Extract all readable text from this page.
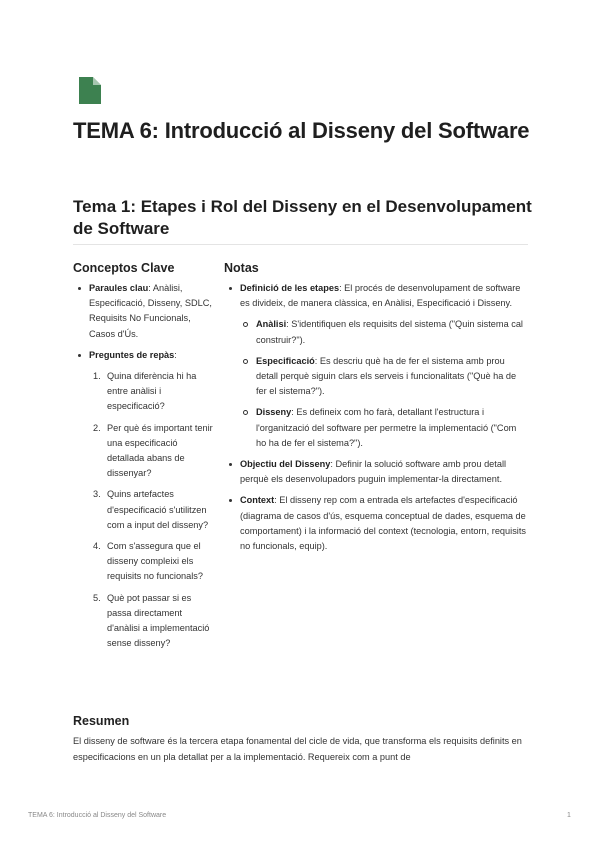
TEMA 6: Introducció al Disseny del Software
Tema 1: Etapes i Rol del Disseny en el Desenvolupament de Software
Conceptos Clave	Notas
Paraules clau: Anàlisi, Especificació, Disseny, SDLC, Requisits No Funcionals, Casos d'Ús.
Preguntes de repàs:
1. Quina diferència hi ha entre anàlisi i especificació?
2. Per què és important tenir una especificació detallada abans de dissenyar?
3. Quins artefactes d'especificació s'utilitzen com a input del disseny?
4. Com s'assegura que el disseny compleixi els requisits no funcionals?
5. Què pot passar si es passa directament d'anàlisi a implementació sense disseny?
Definició de les etapes: El procés de desenvolupament de software es divideix, de manera clàssica, en Anàlisi, Especificació i Disseny.
Anàlisi: S'identifiquen els requisits del sistema ("Quin sistema cal construir?").
Especificació: Es descriu què ha de fer el sistema amb prou detall perquè siguin clars els serveis i funcionalitats ("Què ha de fer el sistema?").
Disseny: Es defineix com ho farà, detallant l'estructura i l'organització del software per permetre la implementació ("Com ho ha de fer el sistema?").
Objectiu del Disseny: Definir la solució software amb prou detall perquè els desenvolupadors puguin implementar-la directament.
Context: El disseny rep com a entrada els artefactes d'especificació (diagrama de casos d'ús, esquema conceptual de dades, esquema de comportament) i la informació del context (tecnologia, entorn, requisits no funcionals, equip).
Resumen

El disseny de software és la tercera etapa fonamental del cicle de vida, que transforma els requisits definits en especificacions en un pla detallat per a la implementació. Requereix com a punt de

TEMA 6: Introducció al Disseny del Software	1
